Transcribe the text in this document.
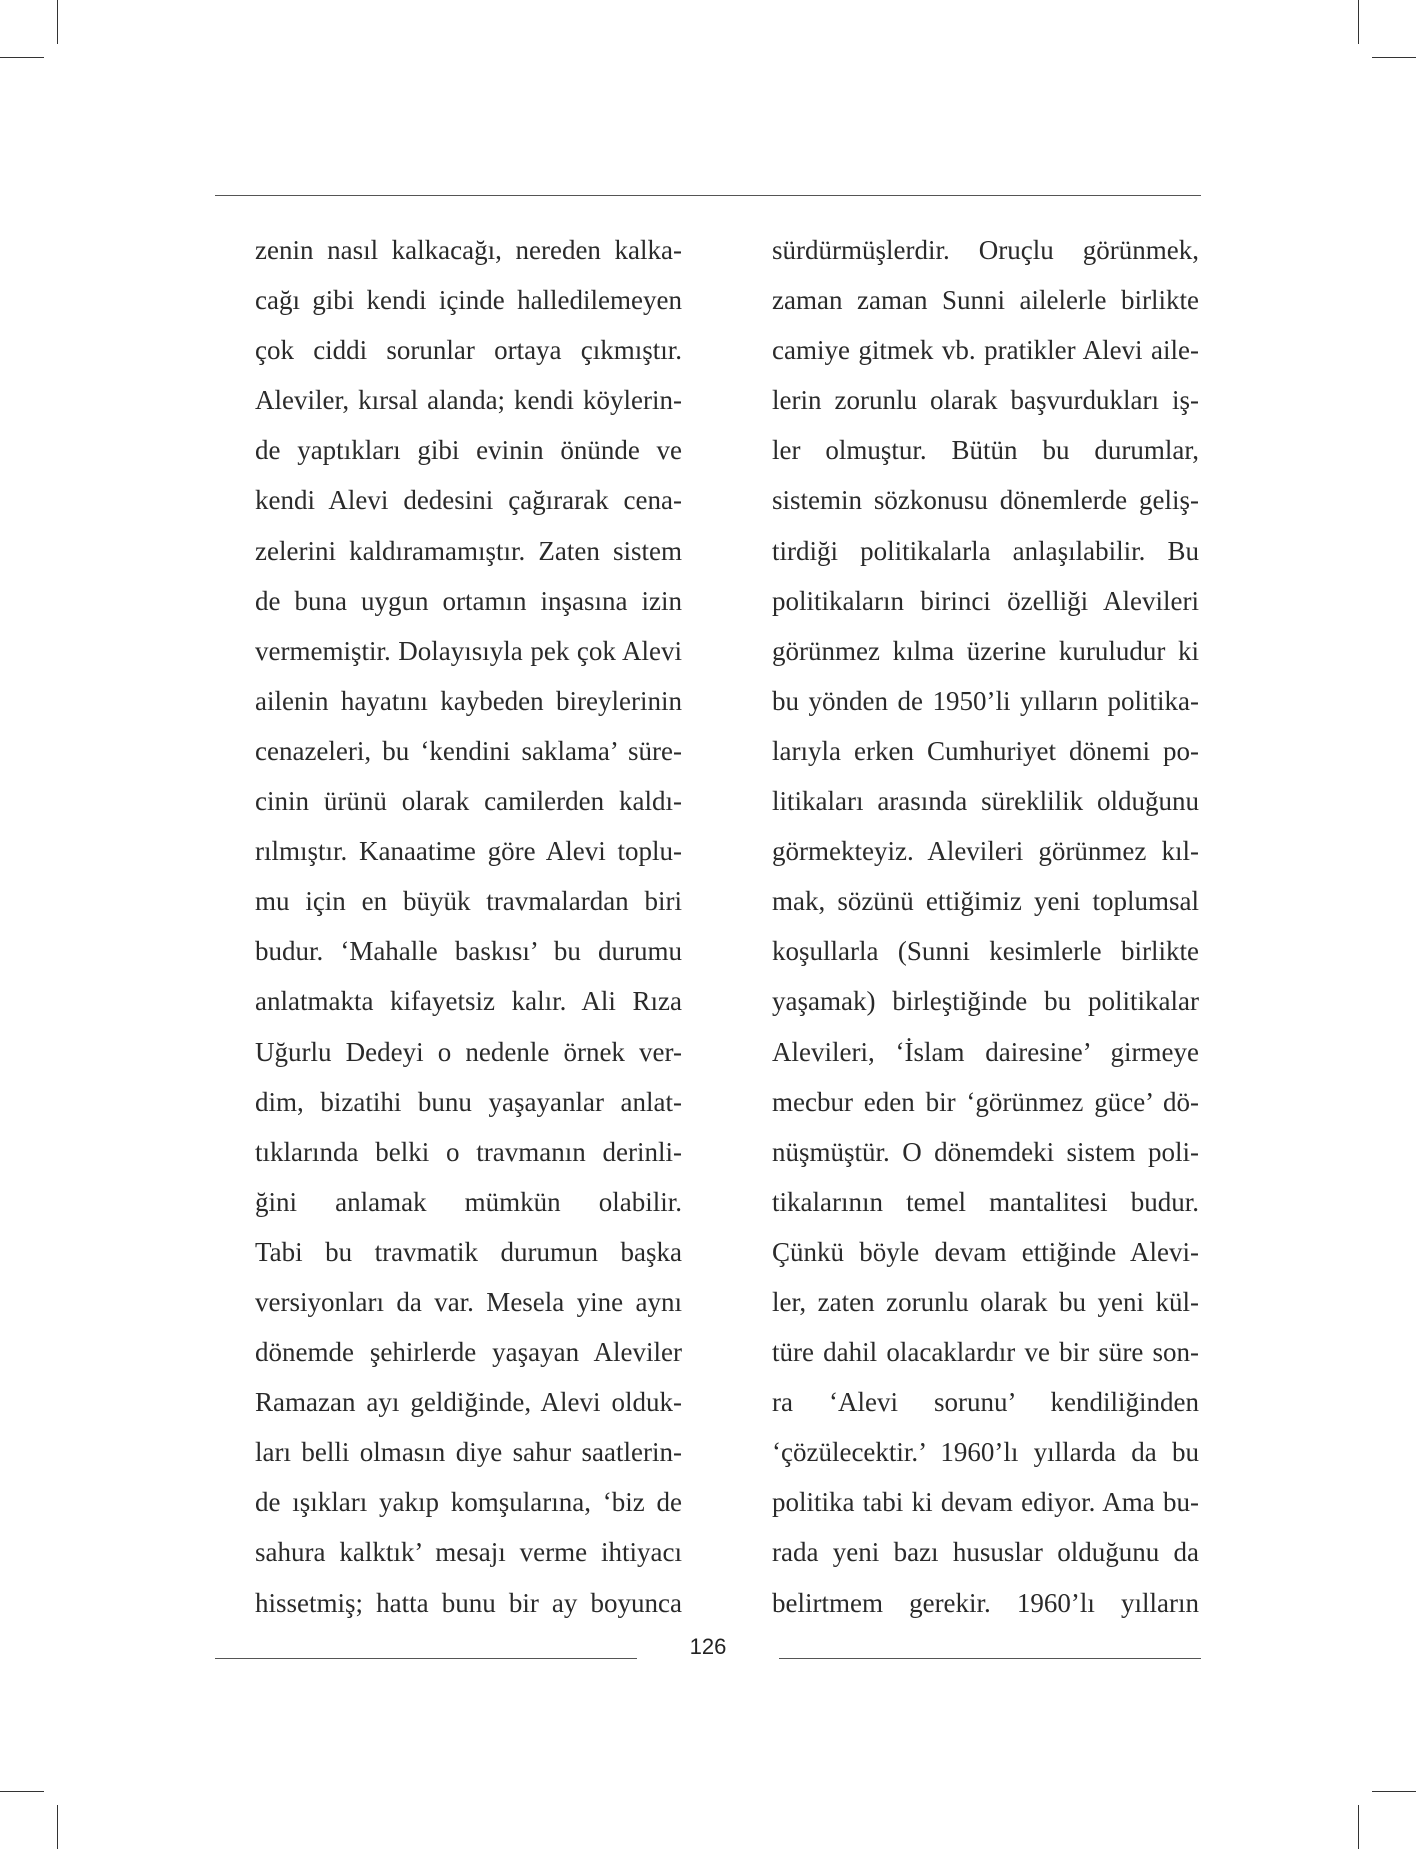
zenin nasıl kalkacağı, nereden kalka-
cağı gibi kendi içinde halledilemeyen
çok ciddi sorunlar ortaya çıkmıştır.
Aleviler, kırsal alanda; kendi köylerin-
de yaptıkları gibi evinin önünde ve
kendi Alevi dedesini çağırarak cena-
zelerini kaldıramamıştır. Zaten sistem
de buna uygun ortamın inşasına izin
vermemiştir. Dolayısıyla pek çok Alevi
ailenin hayatını kaybeden bireylerinin
cenazeleri, bu ‘kendini saklama’ süre-
cinin ürünü olarak camilerden kaldı-
rılmıştır. Kanaatime göre Alevi toplu-
mu için en büyük travmalardan biri
budur. ‘Mahalle baskısı’ bu durumu
anlatmakta kifayetsiz kalır. Ali Rıza
Uğurlu Dedeyi o nedenle örnek ver-
dim, bizatihi bunu yaşayanlar anlat-
tıklarında belki o travmanın derinli-
ğini anlamak mümkün olabilir.
Tabi bu travmatik durumun başka
versiyonları da var. Mesela yine aynı
dönemde şehirlerde yaşayan Aleviler
Ramazan ayı geldiğinde, Alevi olduk-
ları belli olmasın diye sahur saatlerin-
de ışıkları yakıp komşularına, ‘biz de
sahura kalktık’ mesajı verme ihtiyacı
hissetmiş; hatta bunu bir ay boyunca
sürdürmüşlerdir. Oruçlu görünmek,
zaman zaman Sunni ailelerle birlikte
camiye gitmek vb. pratikler Alevi aile-
lerin zorunlu olarak başvurdukları iş-
ler olmuştur. Bütün bu durumlar,
sistemin sözkonusu dönemlerde geliş-
tirdiği politikalarla anlaşılabilir. Bu
politikaların birinci özelliği Alevileri
görünmez kılma üzerine kuruludur ki
bu yönden de 1950’li yılların politika-
larıyla erken Cumhuriyet dönemi po-
litikaları arasında süreklilik olduğunu
görmekteyiz. Alevileri görünmez kıl-
mak, sözünü ettiğimiz yeni toplumsal
koşullarla (Sunni kesimlerle birlikte
yaşamak) birleştiğinde bu politikalar
Alevileri, ‘İslam dairesine’ girmeye
mecbur eden bir ‘görünmez güce’ dö-
nüşmüştür. O dönemdeki sistem poli-
tikalarının temel mantalitesi budur.
Çünkü böyle devam ettiğinde Alevi-
ler, zaten zorunlu olarak bu yeni kül-
türe dahil olacaklardır ve bir süre son-
ra ‘Alevi sorunu’ kendiliğinden
‘çözülecektir.’ 1960’lı yıllarda da bu
politika tabi ki devam ediyor. Ama bu-
rada yeni bazı hususlar olduğunu da
belirtmem gerekir. 1960’lı yılların
126
